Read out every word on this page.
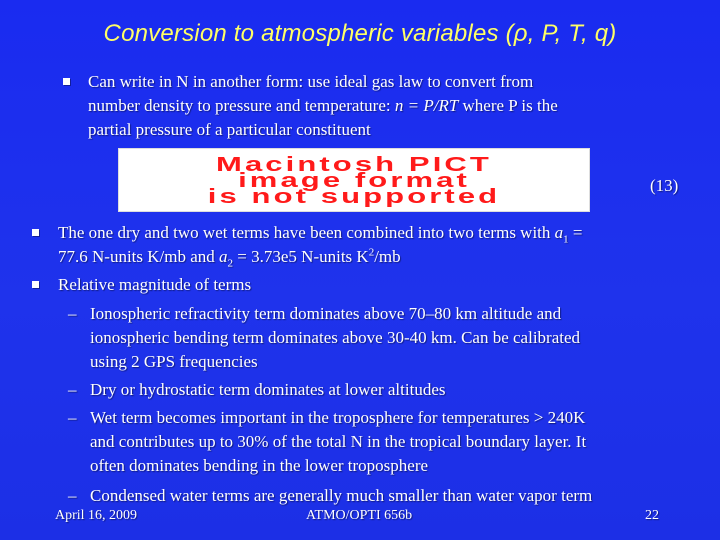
Conversion to atmospheric variables (ρ, P, T, q)
Can write in N in another form: use ideal gas law to convert from
number density to pressure and temperature: n = P/RT where P is the
partial pressure of a particular constituent
Macintosh PICT
image format
is not supported
(13)
The one dry and two wet terms have been combined into two terms with $a_1$ =
77.6 N-units K/mb and $a_2 = 3.73e5$ N-units $K^2/mb$
Relative magnitude of terms
– Ionospheric refractivity term dominates above 70–80 km altitude and
ionospheric bending term dominates above 30-40 km. Can be calibrated
using 2 GPS frequencies
– Dry or hydrostatic term dominates at lower altitudes
– Wet term becomes important in the troposphere for temperatures > 240K
and contributes up to 30% of the total N in the tropical boundary layer. It
often dominates bending in the lower troposphere
– Condensed water terms are generally much smaller than water vapor term
April 16, 2009	ATMO/OPTI 656b	22
